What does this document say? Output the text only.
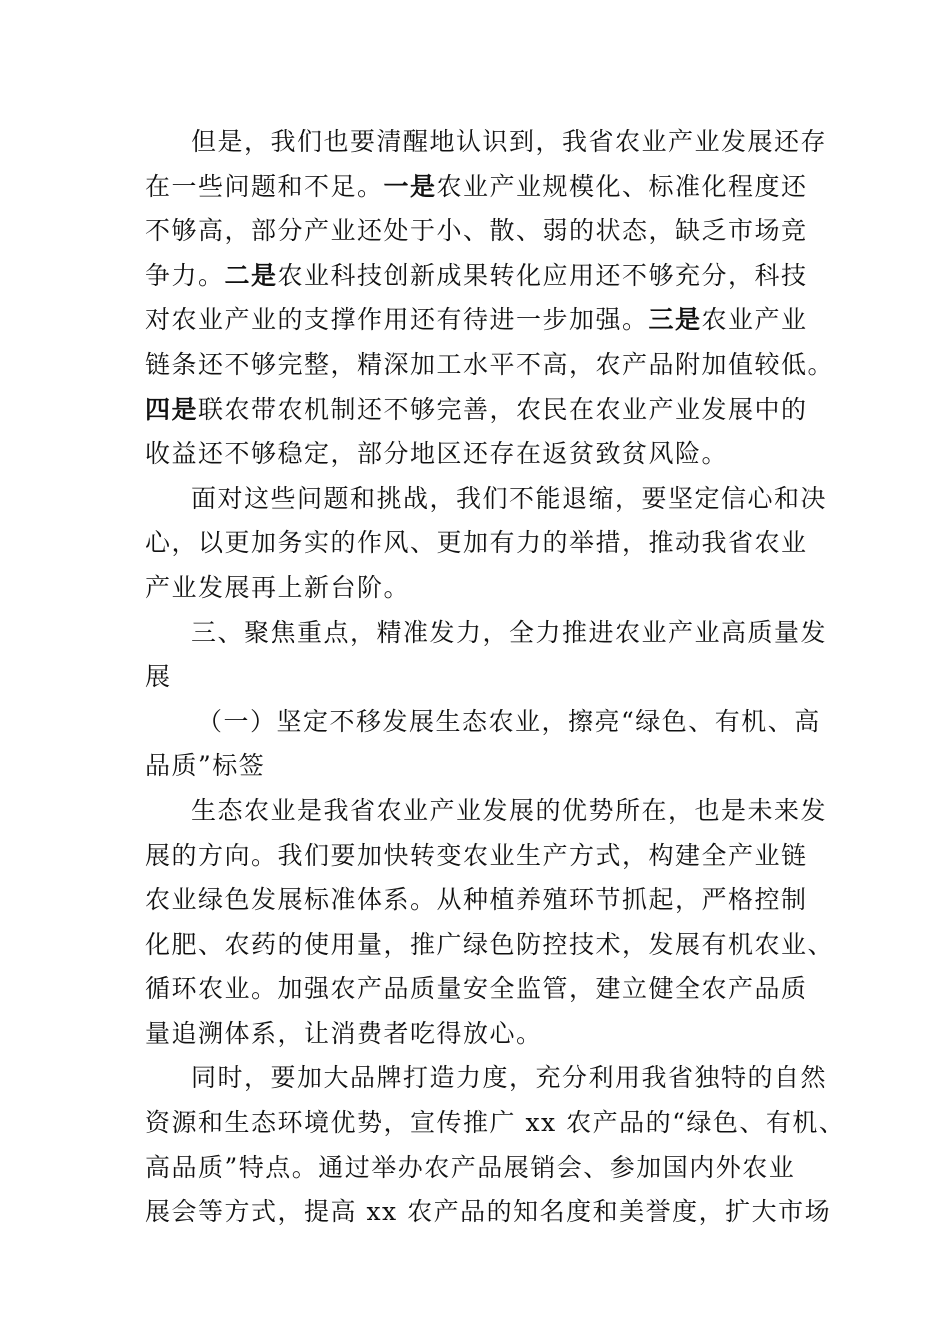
但是，我们也要清醒地认识到，我省农业产业发展还存
在一些问题和不足。一是农业产业规模化、标准化程度还
不够高，部分产业还处于小、散、弱的状态，缺乏市场竞
争力。二是农业科技创新成果转化应用还不够充分，科技
对农业产业的支撑作用还有待进一步加强。三是农业产业
链条还不够完整，精深加工水平不高，农产品附加值较低。
四是联农带农机制还不够完善，农民在农业产业发展中的
收益还不够稳定，部分地区还存在返贫致贫风险。
面对这些问题和挑战，我们不能退缩，要坚定信心和决
心，以更加务实的作风、更加有力的举措，推动我省农业
产业发展再上新台阶。
三、聚焦重点，精准发力，全力推进农业产业高质量发
展
（一）坚定不移发展生态农业，擦亮“绿色、有机、高
品质”标签
生态农业是我省农业产业发展的优势所在，也是未来发
展的方向。我们要加快转变农业生产方式，构建全产业链
农业绿色发展标准体系。从种植养殖环节抓起，严格控制
化肥、农药的使用量，推广绿色防控技术，发展有机农业、
循环农业。加强农产品质量安全监管，建立健全农产品质
量追溯体系，让消费者吃得放心。
同时，要加大品牌打造力度，充分利用我省独特的自然
资源和生态环境优势，宣传推广 xx 农产品的“绿色、有机、
高品质”特点。通过举办农产品展销会、参加国内外农业
展会等方式，提高 xx 农产品的知名度和美誉度，扩大市场
